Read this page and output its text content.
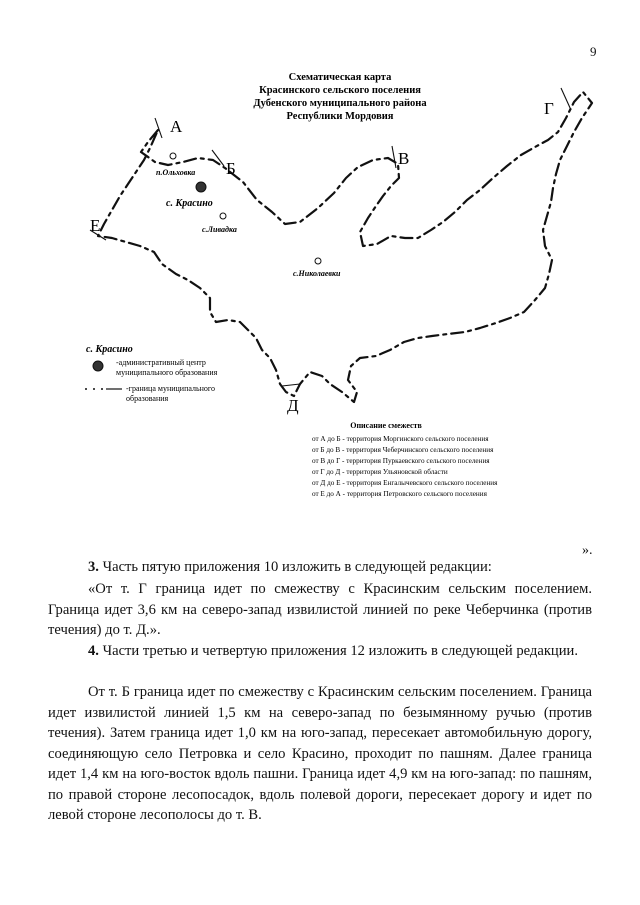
9
Схематическая карта
Красинского сельского поселения
Дубенского муниципального района
Республики Мордовия
А
Б
В
Г
Д
Е
п.Ольховка
с. Красино
с.Ливадка
с.Николаевки
с. Красино
-административный центр
муниципального образования
-граница муниципального
образования
Описание смежеств
от А до Б - территория Моргинского сельского поселения
от Б до В - территория Чеберчинского сельского поселения
от В до Г - территория Пуркаевского сельского поселения
от Г до Д - территория Ульяновской области
от Д до Е - территория Енгалычевского сельского поселения
от Е до А - территория Петровского сельского поселения
».
3. Часть пятую приложения 10 изложить в следующей редакции:
«От т. Г граница идет по смежеству с Красинским сельским поселением. Граница идет 3,6 км на северо-запад извилистой линией по реке Чеберчинка (против течения) до т. Д.».
4. Части третью и четвертую приложения 12 изложить в следующей редакции.
От т. Б граница идет по смежеству с Красинским сельским поселением. Граница идет извилистой линией 1,5 км на северо-запад по безымянному ручью (против течения). Затем граница идет 1,0 км на юго-запад, пересекает автомобильную дорогу, соединяющую село Петровка и село Красино, проходит по пашням. Далее граница идет 1,4 км на юго-восток вдоль пашни. Граница идет 4,9 км на юго-запад: по пашням, по правой стороне лесопосадок, вдоль полевой дороги, пересекает дорогу и идет по левой стороне лесополосы до т. В.
